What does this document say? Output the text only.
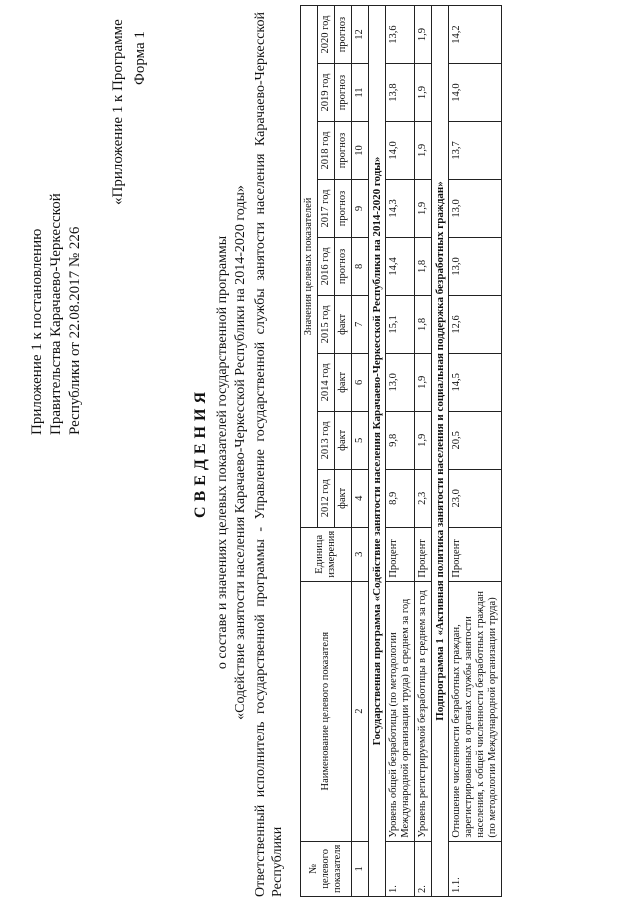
Приложение 1 к постановлению Правительства Карачаево-Черкесской Республики от 22.08.2017 № 226
«Приложение 1 к Программе Форма 1
СВЕДЕНИЯ о составе и значениях целевых показателей государственной программы «Содействие занятости населения Карачаево-Черкесской Республики на 2014-2020 годы» Ответственный исполнитель государственной программы - Управление государственной службы занятости населения Карачаево-Черкесской Республики № целевого показателя	Наименование целевого показателя	Единица измерения	Значения целевых показателей								
			2012 год	2013 год	2014 год	2015 год	2016 год	2017 год	2018 год	2019 год	2020 год
			факт	факт	факт	факт	прогноз	прогноз	прогноз	прогноз	прогноз
1	2	3	4	5	6	7	8	9	10	11	12
Государственная программа «Содействие занятости населения Карачаево-Черкесской Республики на 2014-2020 годы»											
1.	Уровень общей безработицы (по методологии Международной организации труда) в среднем за год	Процент	8,9	9,8	13,0	15,1	14,4	14,3	14,0	13,8	13,6
2.	Уровень регистрируемой безработицы в среднем за год	Процент	2,3	1,9	1,9	1,8	1,8	1,9	1,9	1,9	1,9
Подпрограмма 1 «Активная политика занятости населения и социальная поддержка безработных граждан»											
1.1.	Отношение численности безработных граждан, зарегистрированных в органах службы занятости населения, к общей численности безработных граждан (по методологии Международной организации труда)	Процент	23,0	20,5	14,5	12,6	13,0	13,0	13,7	14,0	14,2
